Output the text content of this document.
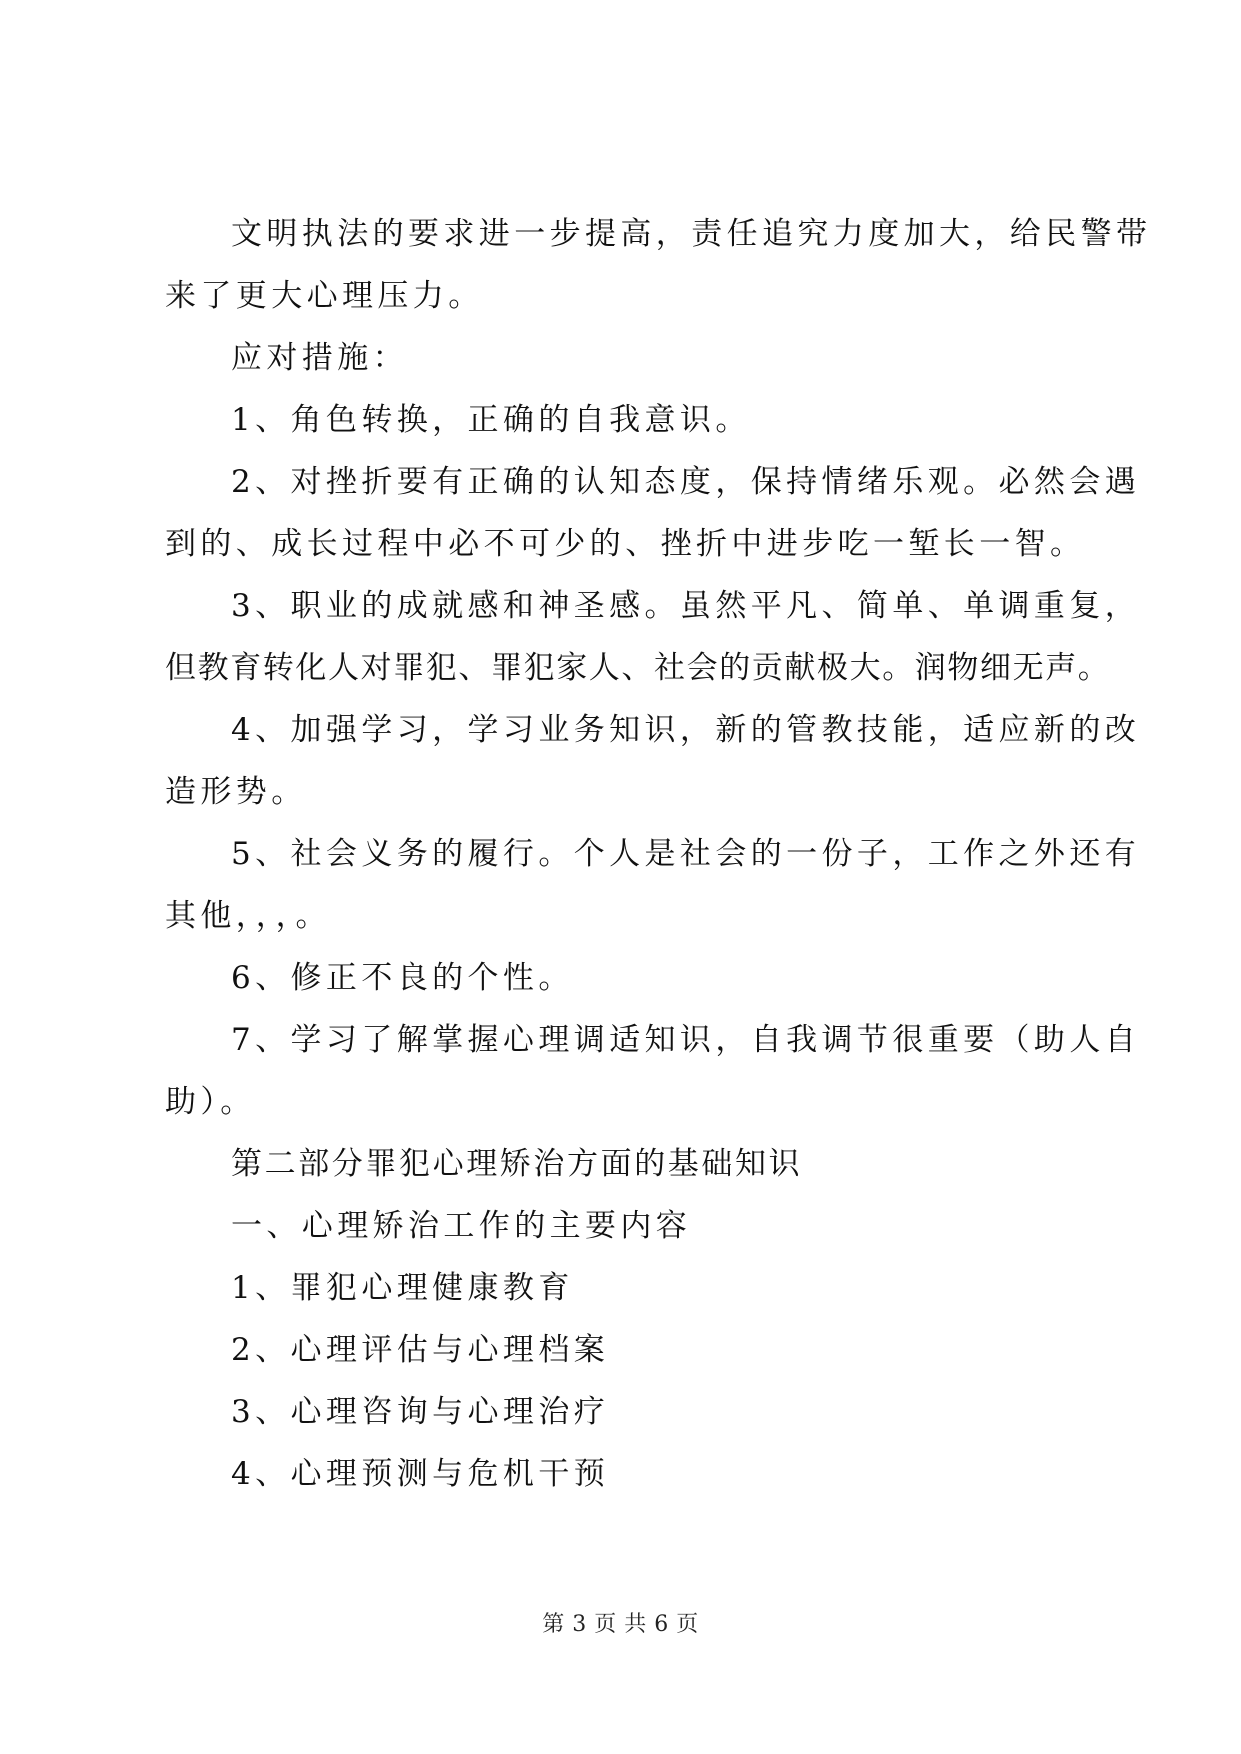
文明执法的要求进一步提高，责任追究力度加大，给民警带
来了更大心理压力。
应对措施：
1、角色转换，正确的自我意识。
2、对挫折要有正确的认知态度，保持情绪乐观。必然会遇
到的、成长过程中必不可少的、挫折中进步吃一堑长一智。
3、职业的成就感和神圣感。虽然平凡、简单、单调重复，
但教育转化人对罪犯、罪犯家人、社会的贡献极大。润物细无声。
4、加强学习，学习业务知识，新的管教技能，适应新的改
造形势。
5、社会义务的履行。个人是社会的一份子，工作之外还有
其他，，，。
6、修正不良的个性。
7、学习了解掌握心理调适知识，自我调节很重要（助人自
助）。
第二部分罪犯心理矫治方面的基础知识
一、心理矫治工作的主要内容
1、罪犯心理健康教育
2、心理评估与心理档案
3、心理咨询与心理治疗
4、心理预测与危机干预
第 3 页 共 6 页
